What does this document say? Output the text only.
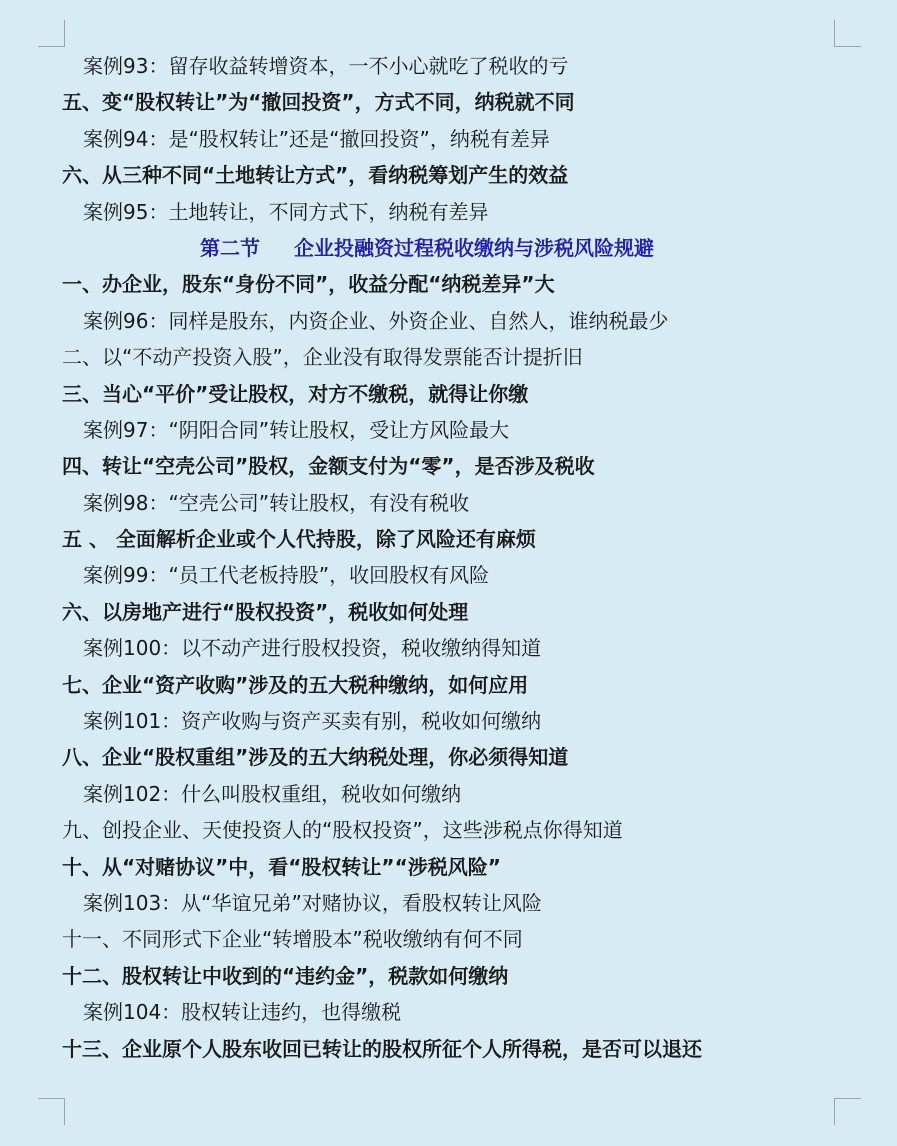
案例93：留存收益转增资本，一不小心就吃了税收的亏
五、变“股权转让”为“撤回投资”，方式不同，纳税就不同
案例94：是“股权转让”还是“撤回投资”，纳税有差异
六、从三种不同“土地转让方式”，看纳税筹划产生的效益
案例95：土地转让，不同方式下，纳税有差异
第二节 企业投融资过程税收缴纳与涉税风险规避
一、办企业，股东“身份不同”，收益分配“纳税差异”大
案例96：同样是股东，内资企业、外资企业、自然人，谁纳税最少
二、以“不动产投资入股”，企业没有取得发票能否计提折旧
三、当心“平价”受让股权，对方不缴税，就得让你缴
案例97：“阴阳合同”转让股权，受让方风险最大
四、转让“空壳公司”股权，金额支付为“零”，是否涉及税收
案例98：“空壳公司”转让股权，有没有税收
五 、 全面解析企业或个人代持股，除了风险还有麻烦
案例99：“员工代老板持股”，收回股权有风险
六、以房地产进行“股权投资”，税收如何处理
案例100：以不动产进行股权投资，税收缴纳得知道
七、企业“资产收购”涉及的五大税种缴纳，如何应用
案例101：资产收购与资产买卖有别，税收如何缴纳
八、企业“股权重组”涉及的五大纳税处理，你必须得知道
案例102：什么叫股权重组，税收如何缴纳
九、创投企业、天使投资人的“股权投资”，这些涉税点你得知道
十、从“对赌协议”中，看“股权转让”“涉税风险”
案例103：从“华谊兄弟”对赌协议，看股权转让风险
十一、不同形式下企业“转增股本”税收缴纳有何不同
十二、股权转让中收到的“违约金”，税款如何缴纳
案例104：股权转让违约，也得缴税
十三、企业原个人股东收回已转让的股权所征个人所得税，是否可以退还
